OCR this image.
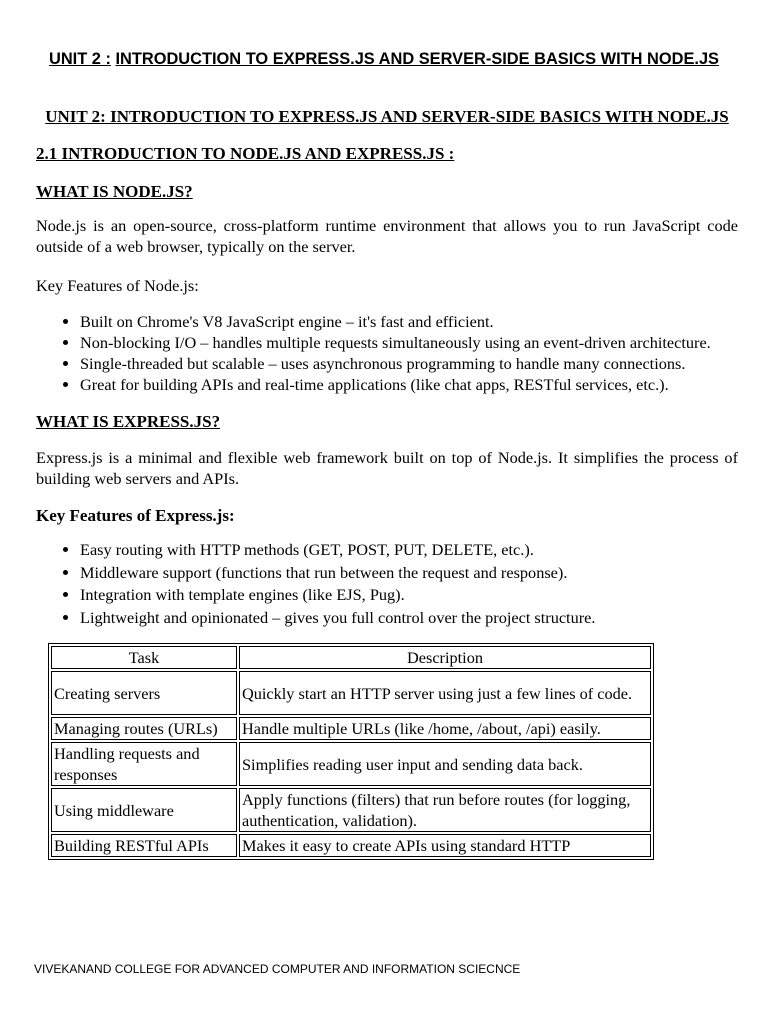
UNIT 2 : INTRODUCTION TO EXPRESS.JS AND SERVER-SIDE BASICS WITH NODE.JS
UNIT 2: INTRODUCTION TO EXPRESS.JS AND SERVER-SIDE BASICS WITH NODE.JS
2.1 INTRODUCTION TO NODE.JS AND EXPRESS.JS :
WHAT IS NODE.JS?

Node.js is an open-source, cross-platform runtime environment that allows you to run JavaScript code outside of a web browser, typically on the server.

Key Features of Node.js:

• Built on Chrome's V8 JavaScript engine – it's fast and efficient.
• Non-blocking I/O – handles multiple requests simultaneously using an event-driven architecture.
• Single-threaded but scalable – uses asynchronous programming to handle many connections.
• Great for building APIs and real-time applications (like chat apps, RESTful services, etc.).
WHAT IS EXPRESS.JS?

Express.js is a minimal and flexible web framework built on top of Node.js. It simplifies the process of building web servers and APIs.

Key Features of Express.js:
• Easy routing with HTTP methods (GET, POST, PUT, DELETE, etc.).
• Middleware support (functions that run between the request and response).
• Integration with template engines (like EJS, Pug).
• Lightweight and opinionated – gives you full control over the project structure.
Task	Description
Creating servers	Quickly start an HTTP server using just a few lines of code.
Managing routes (URLs)	Handle multiple URLs (like /home, /about, /api) easily.
Handling requests and responses	Simplifies reading user input and sending data back.
Using middleware	Apply functions (filters) that run before routes (for logging, authentication, validation).
Building RESTful APIs	Makes it easy to create APIs using standard HTTP
VIVEKANAND COLLEGE FOR ADVANCED COMPUTER AND INFORMATION SCIECNCE
